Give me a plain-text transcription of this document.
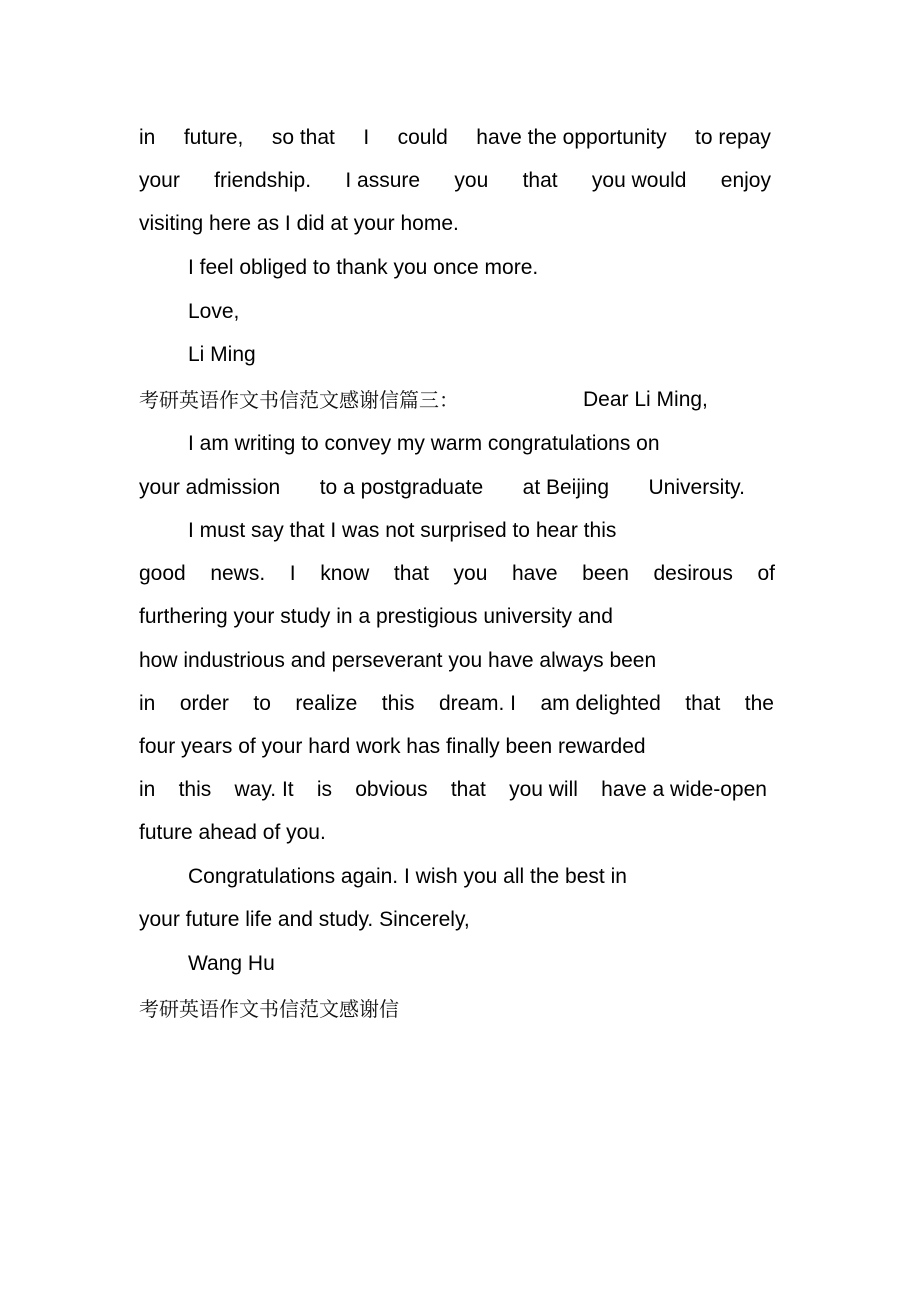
in future, so that I could have the opportunity to repay
your friendship. I assure you that you would enjoy
visiting here as I did at your home.
I feel obliged to thank you once more.
Love,
Li Ming
考研英语作文书信范文感谢信篇三：	Dear Li Ming,
I am writing to convey my warm congratulations on
your admission to a postgraduate at Beijing University.
I must say that I was not surprised to hear this
good news. I know that you have been desirous of
furthering your study in a prestigious university and
how industrious and perseverant you have always been
in order to realize this dream. I am delighted that the
four years of your hard work has finally been rewarded
in this way. It is obvious that you will have a wide-open
future ahead of you.
Congratulations again. I wish you all the best in
your future life and study. Sincerely,
Wang Hu
考研英语作文书信范文感谢信
